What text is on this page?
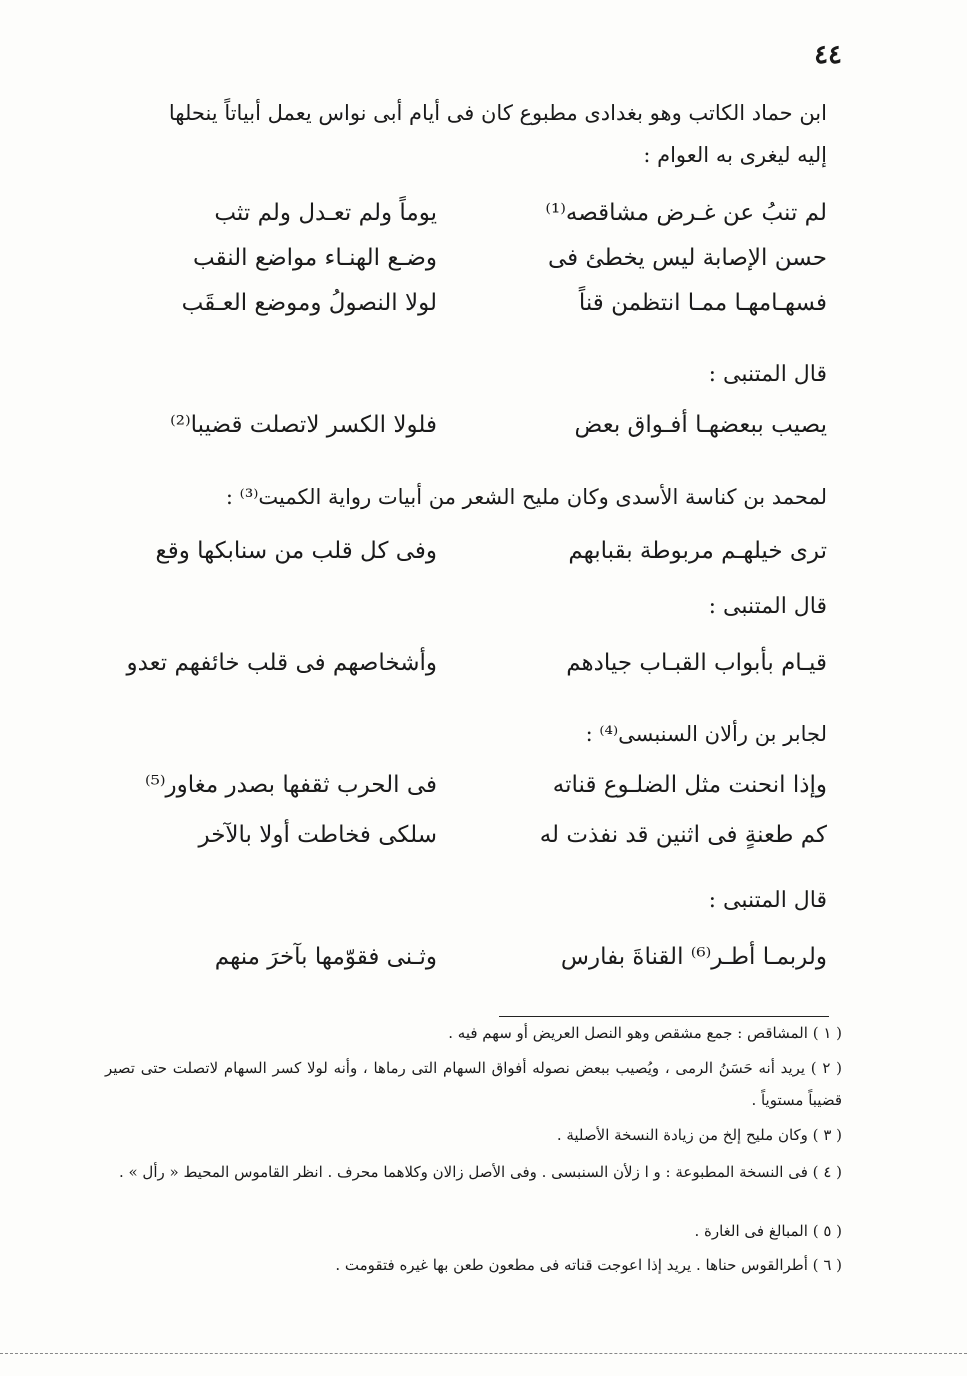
٤٤
ابن حماد الكاتب وهو بغدادى مطبوع كان فى أيام أبى نواس يعمل أبياتاً ينحلها
إليه ليغرى به العوام :
لم تنبُ عن غـرض مشاقصه⁽¹⁾
يوماً ولم تعـدل ولم تثب
حسن الإصابة ليس يخطئ فى
وضـع الهنـاء مواضع النقب
فسهـامهـا ممـا انتظمن قناً
لولا النصولُ وموضع العـقَب
قال المتنبى :
يصيب ببعضهـا أفـواق بعض
فلولا الكسر لاتصلت قضيبا⁽²⁾
لمحمد بن كناسة الأسدى وكان مليح الشعر من أبيات رواية الكميت⁽³⁾ :
ترى خيلهـم مربوطة بقبابهم
وفى كل قلب من سنابكها وقع
قال المتنبى :
قيـام بأبواب القبـاب جيادهم
وأشخاصهم فى قلب خائفهم تعدو
لجابر بن رألان السنبسى⁽⁴⁾ :
وإذا انحنت مثل الضلـوع قناته
فى الحرب ثقفها بصدر مغاور⁽⁵⁾
كم طعنةٍ فى اثنين قد نفذت له
سلكى فخاطت أولا بالآخر
قال المتنبى :
ولربمـا أطـر⁽⁶⁾ القناةَ بفارس
وثـنى فقوّمها بآخرَ منهم
( ١ ) المشاقص : جمع مشقص وهو النصل العريض أو سهم فيه .
( ٢ ) يريد أنه حَسَنُ الرمى ، ويُصيب ببعض نصوله أفواق السهام التى رماها ، وأنه لولا كسر السهام لاتصلت حتى تصير قضيباً مستوياً .
( ٣ ) وكان مليح إلخ من زيادة النسخة الأصلية .
( ٤ ) فى النسخة المطبوعة : و ا زلأن السنبسى . وفى الأصل زالان وكلاهما محرف . انظر القاموس المحيط « رأل » .
( ٥ ) المبالغ فى الغارة .
( ٦ ) أطرالقوس حناها . يريد إذا اعوجت قناته فى مطعون طعن بها غيره فتقومت .
